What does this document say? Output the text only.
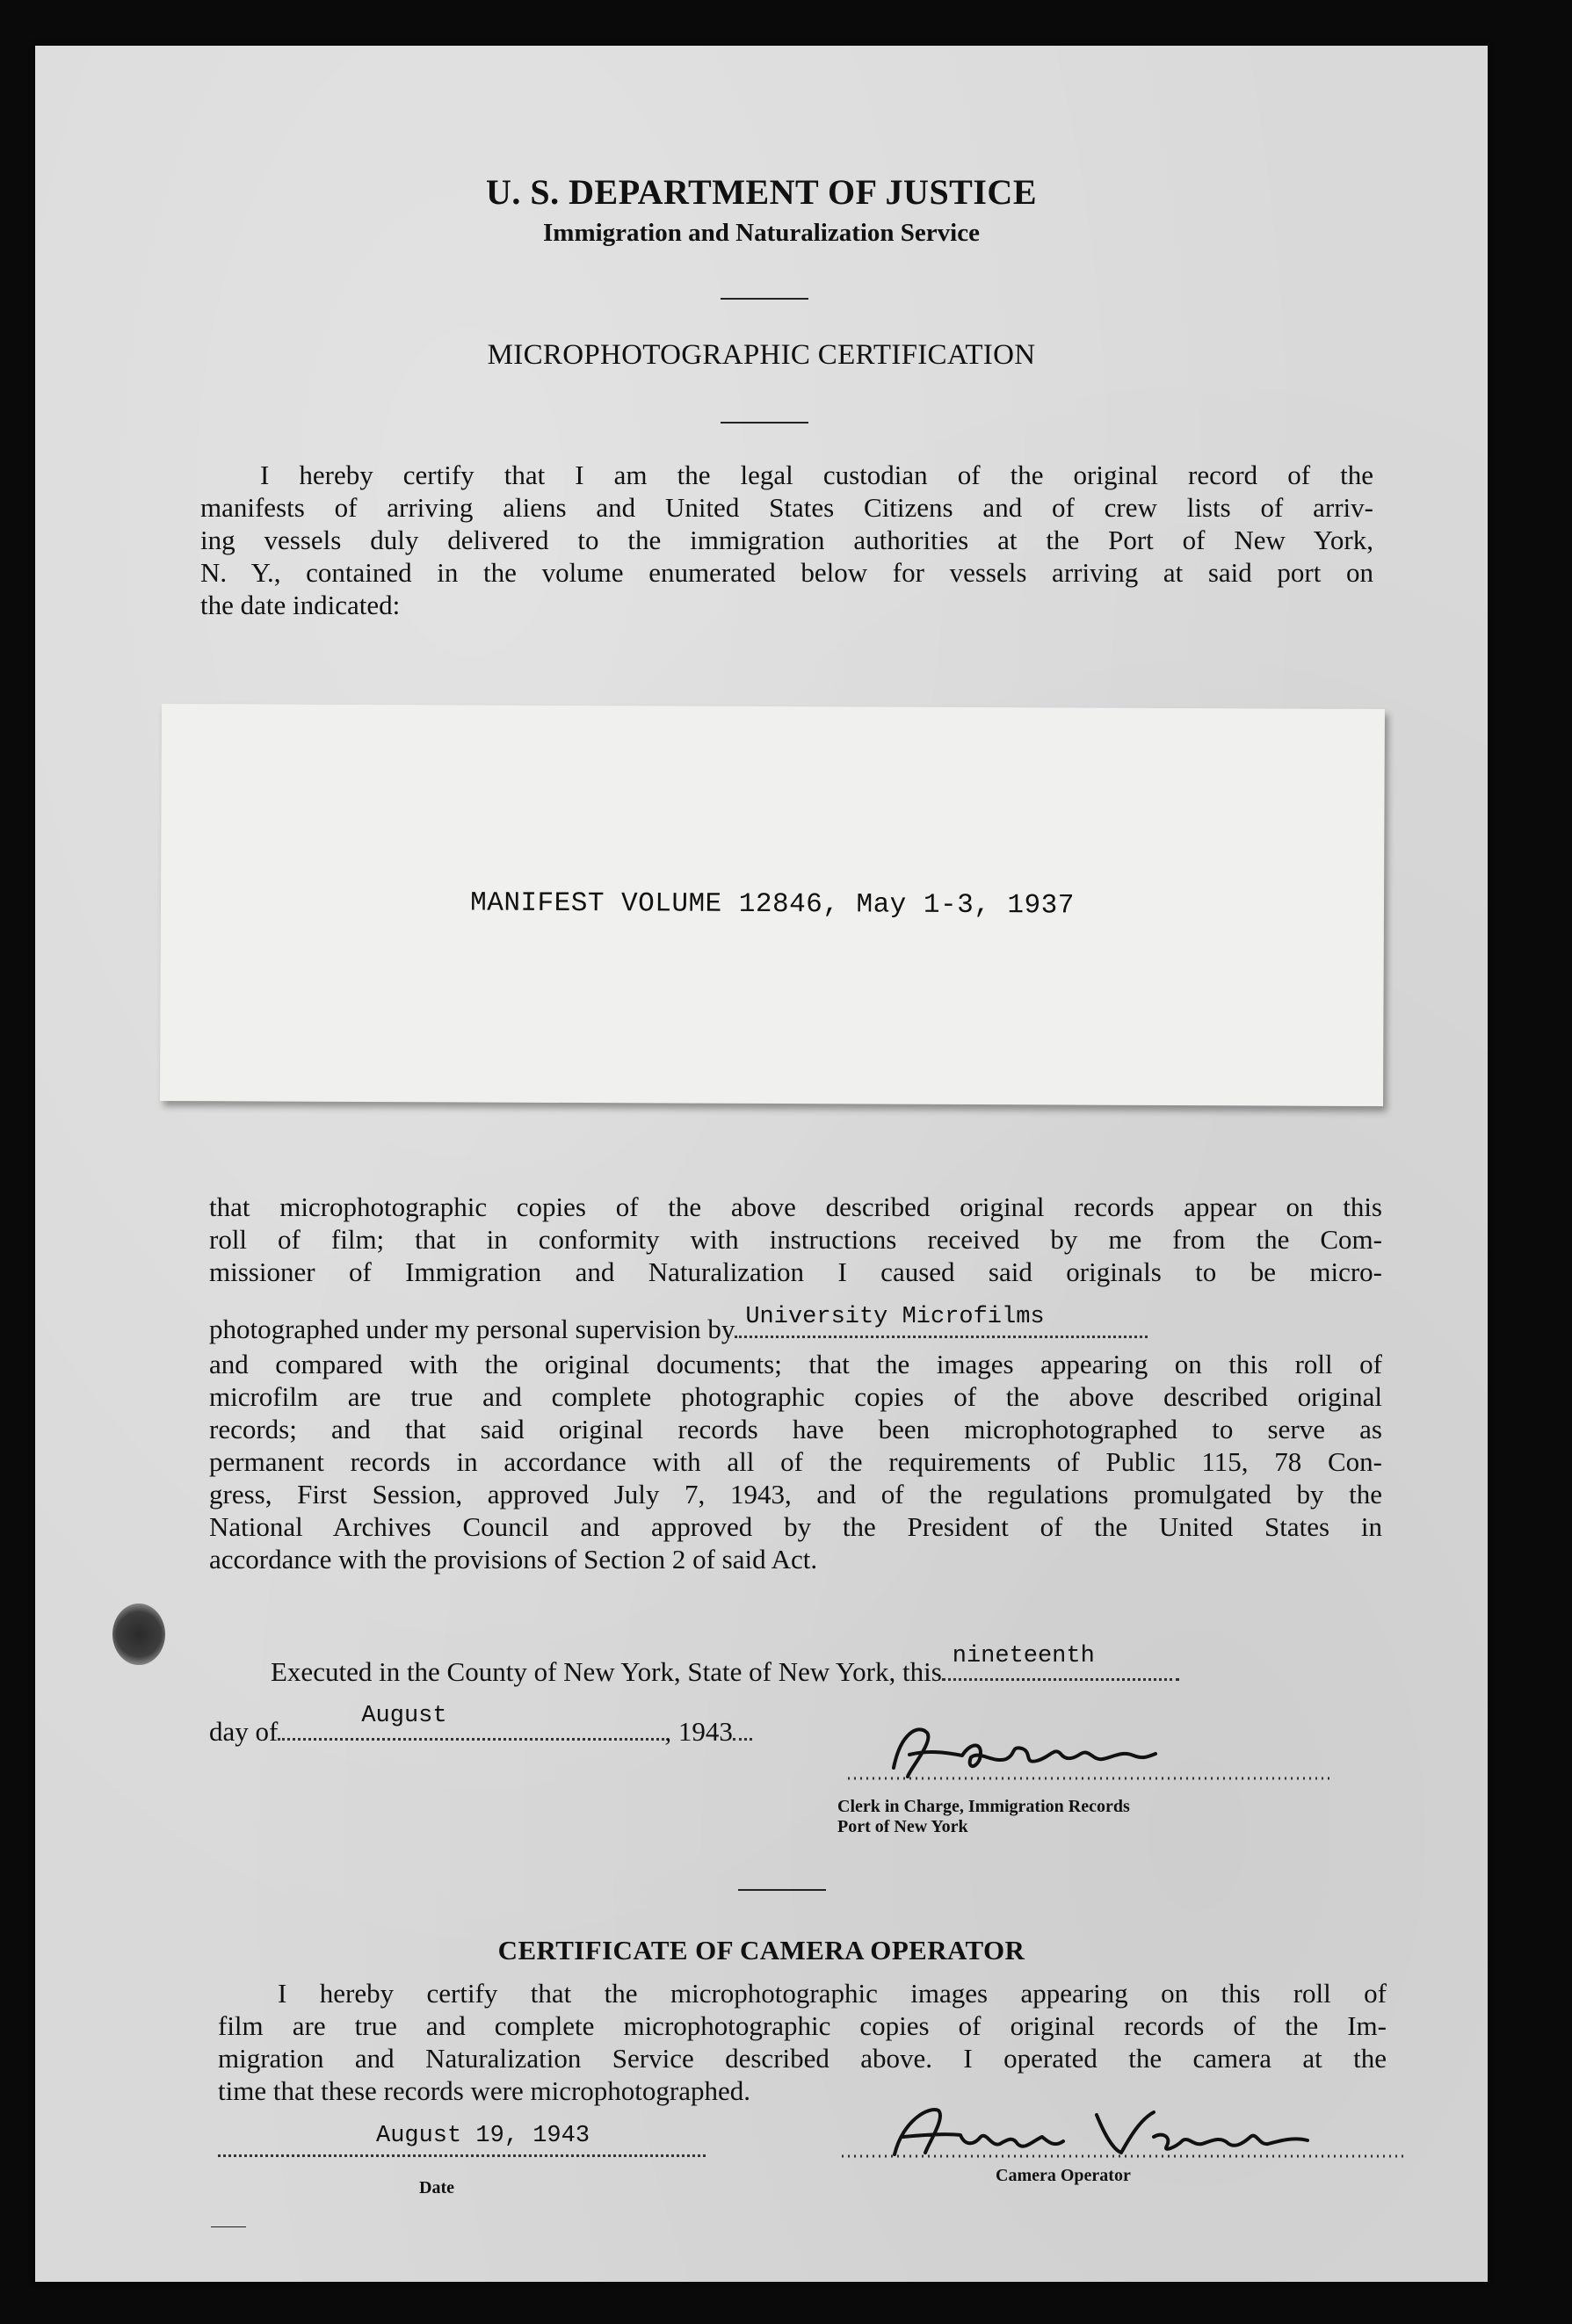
U. S. DEPARTMENT OF JUSTICE
Immigration and Naturalization Service
MICROPHOTOGRAPHIC CERTIFICATION

I hereby certify that I am the legal custodian of the original record of the

manifests of arriving aliens and United States Citizens and of crew lists of arriv-

ing vessels duly delivered to the immigration authorities at the Port of New York,

N. Y., contained in the volume enumerated below for vessels arriving at said port on

the date indicated:

MANIFEST VOLUME 12846, May 1-3, 1937

that microphotographic copies of the above described original records appear on this

roll of film; that in conformity with instructions received by me from the Com-

missioner of Immigration and Naturalization I caused said originals to be micro-

photographed under my personal supervision by University Microfilms

and compared with the original documents; that the images appearing on this roll of

microfilm are true and complete photographic copies of the above described original

records; and that said original records have been microphotographed to serve as

permanent records in accordance with all of the requirements of Public 115, 78 Con-

gress, First Session, approved July 7, 1943, and of the regulations promulgated by the

National Archives Council and approved by the President of the United States in

accordance with the provisions of Section 2 of said Act.

Executed in the County of New York, State of New York, this nineteenth
day of	August	, 1943
Clerk in Charge, Immigration Records
Port of New York
CERTIFICATE OF CAMERA OPERATOR

I hereby certify that the microphotographic images appearing on this roll of

film are true and complete microphotographic copies of original records of the Im-

migration and Naturalization Service described above. I operated the camera at the

time that these records were microphotographed.

August 19, 1943
Date
Camera Operator
